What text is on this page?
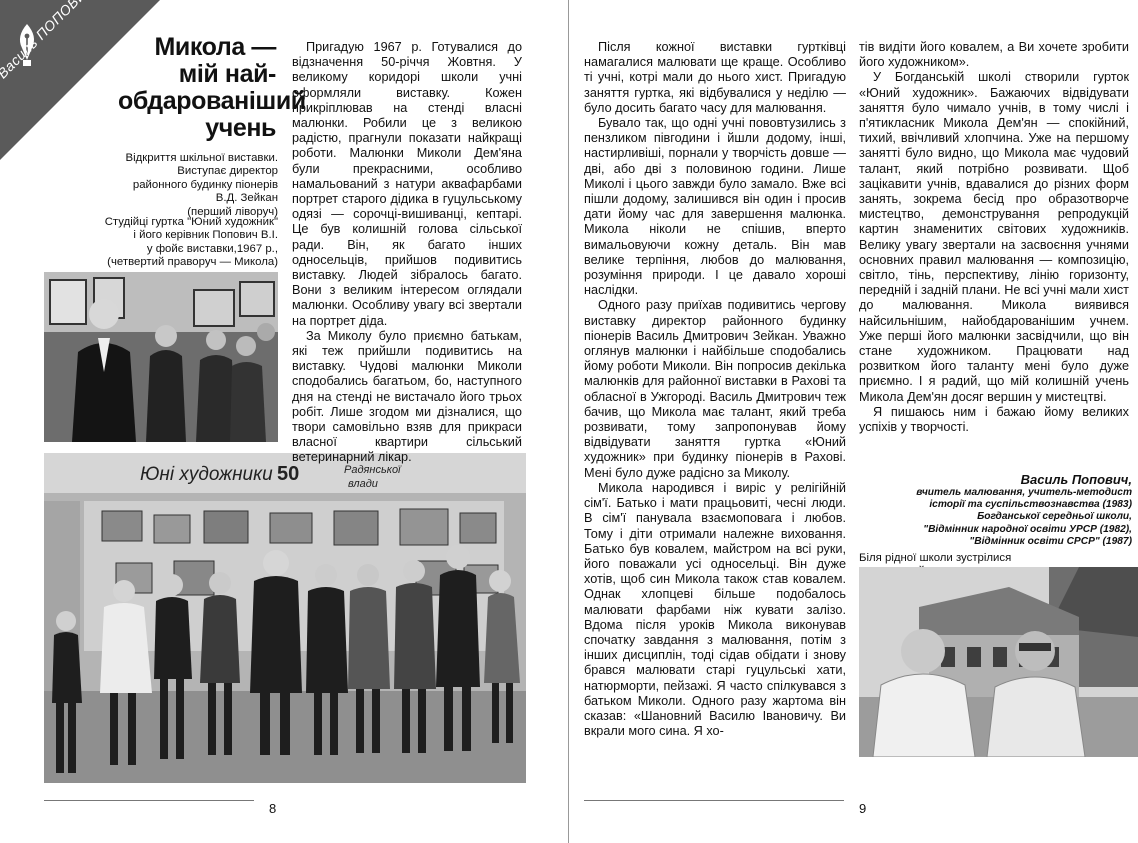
Микола —
мій най-
обдарованіший
учень

Відкриття шкільної виставки.
Виступає директор
районного будинку піонерів
В.Д. Зейкан
(перший ліворуч)

Студійці гуртка "Юний художник"
і його керівник Попович В.І.
у фойє виставки,1967 р.,
(четвертий праворуч — Микола)

Юні художники 50	Радянської
влади

Пригадую 1967 р. Готувалися до відзначення 50-річчя Жовтня. У великому коридорі школи учні оформляли виставку. Кожен прикріплював на стенді власні малюнки. Робили це з великою радістю, прагнули показати найкращі роботи. Малюнки Миколи Дем'яна були прекрасними, особливо намальований з натури аквафарбами портрет старого дідика в гуцульському одязі — сорочці-вишиванці, кептарі. Це був колишній голова сільської ради. Він, як багато інших односельців, прийшов подивитись виставку. Людей зібралось багато. Вони з великим інтересом оглядали малюнки. Особливу увагу всі звертали на портрет діда.

За Миколу було приємно батькам, які теж прийшли подивитись на виставку. Чудові малюнки Миколи сподобались багатьом, бо, наступного дня на стенді не вистачало його трьох робіт. Лише згодом ми дізналися, що твори самовільно взяв для прикраси власної квартири сільський ветеринарний лікар.

8

Після кожної виставки гуртківці намагалися малювати ще краще. Особливо ті учні, котрі мали до нього хист. Пригадую заняття гуртка, які відбувалися у неділю — було досить багато часу для малювання.

Бувало так, що одні учні пововтузились з пензликом півгодини і йшли додому, інші, настирливіші, порнали у творчість довше — дві, або дві з половиною години. Лише Миколі і цього завжди було замало. Вже всі пішли додому, залишився він один і просив дати йому час для завершення малюнка. Микола ніколи не спішив, вперто вимальовуючи кожну деталь. Він мав велике терпіння, любов до малювання, розуміння природи. І це давало хороші наслідки.

Одного разу приїхав подивитись чергову виставку директор районного будинку піонерів Василь Дмитрович Зейкан. Уважно оглянув малюнки і найбільше сподобались йому роботи Миколи. Він попросив декілька малюнків для районної виставки в Рахові та обласної в Ужгороді. Василь Дмитрович теж бачив, що Микола має талант, який треба розвивати, тому запропонував йому відвідувати заняття гуртка «Юний художник» при будинку піонерів в Рахові. Мені було дуже радісно за Миколу.

Микола народився і виріс у релігійній сім'ї. Батько і мати працьовиті, чесні люди. В сім'ї панувала взаємоповага і любов. Тому і діти отримали належне виховання. Батько був ковалем, майстром на всі руки, його поважали усі односельці. Він дуже хотів, щоб син Микола також став ковалем. Однак хлопцеві більше подобалось малювати фарбами ніж кувати залізо. Вдома після уроків Микола виконував спочатку завдання з малювання, потім з інших дисциплін, тоді сідав обідати і знову брався малювати старі гуцульські хати, натюрморти, пейзажі. Я часто спілкувався з батьком Миколи. Одного разу жартома він сказав: «Шановний Василю Івановичу. Ви вкрали мого сина. Я хо-

тів видіти його ковалем, а Ви хочете зробити його художником».

У Богданській школі створили гурток «Юний художник». Бажаючих відвідувати заняття було чимало учнів, в тому числі і п'ятикласник Микола Дем'ян — спокійний, тихий, ввічливий хлопчина. Уже на першому занятті було видно, що Микола має чудовий талант, який потрібно розвивати. Щоб зацікавити учнів, вдавалися до різних форм занять, зокрема бесід про образотворче мистецтво, демонстрування репродукцій картин знаменитих світових художників. Велику увагу звертали на засвоєння учнями основних правил малювання — композицію, світло, тінь, перспективу, лінію горизонту, передній і задній плани. Не всі учні мали хист до малювання. Микола виявився найсильнішим, найобдарованішим учнем. Уже перші його малюнки засвідчили, що він стане художником. Працювати над розвитком його таланту мені було дуже приємно. І я радий, що мій колишній учень Микола Дем'ян досяг вершин у мистецтві.

Я пишаюсь ним і бажаю йому великих успіхів у творчості.

Василь Попович,
вчитель малювання, учитель-методист
історії та суспільствознавства (1983)
Богданської середньої школи,
"Відмінник народної освіти УРСР (1982),
"Відмінник освіти СРСР" (1987)

Біля рідної школи зустрілися

9
